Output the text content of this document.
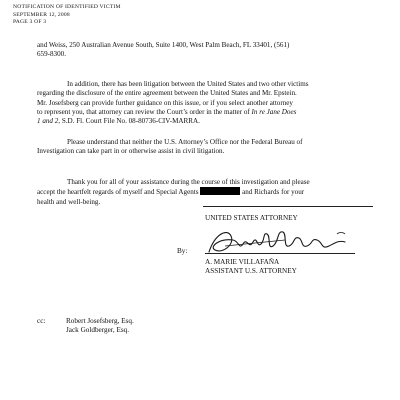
NOTIFICATION OF IDENTIFIED VICTIM
SEPTEMBER 12, 2008
PAGE 3 OF 3
and Weiss, 250 Australian Avenue South, Suite 1400, West Palm Beach, FL 33401, (561)
659-8300.
In addition, there has been litigation between the United States and two other victims
regarding the disclosure of the entire agreement between the United States and Mr. Epstein.
Mr. Josefsberg can provide further guidance on this issue, or if you select another attorney
to represent you, that attorney can review the Court’s order in the matter of In re Jane Does
1 and 2, S.D. Fl. Court File No. 08-80736-CIV-MARRA.
Please understand that neither the U.S. Attorney’s Office nor the Federal Bureau of
Investigation can take part in or otherwise assist in civil litigation.
Thank you for all of your assistance during the course of this investigation and please
accept the heartfelt regards of myself and Special Agents	and Richards for your
health and well-being.
UNITED STATES ATTORNEY
By:
A. MARIE VILLAFAÑA
ASSISTANT U.S. ATTORNEY
cc:	Robert Josefsberg, Esq.
Jack Goldberger, Esq.
